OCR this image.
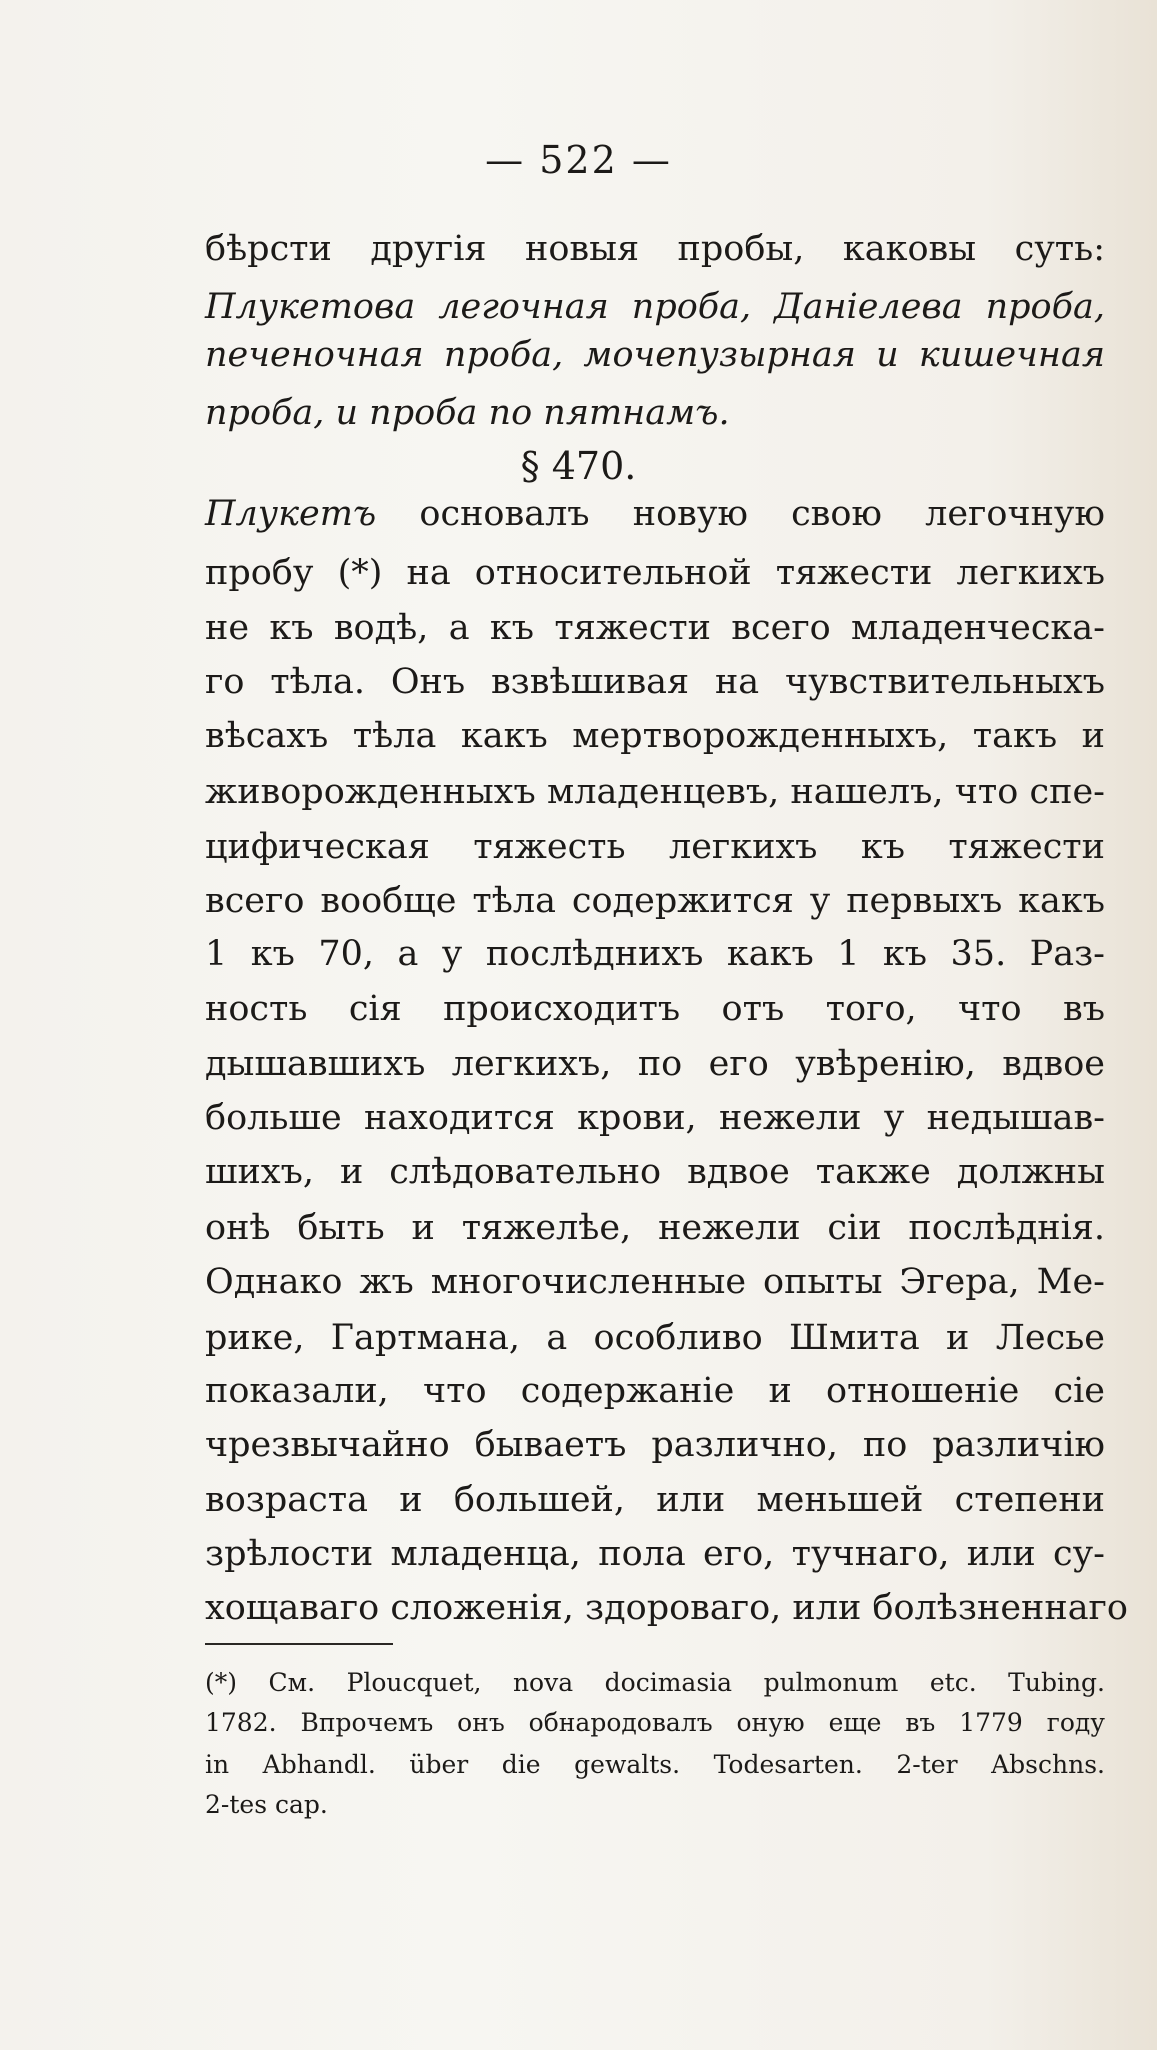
— 522 —
бѣрсти другія новыя пробы, каковы суть:
Плукетова легочная проба, Даніелева проба,
печеночная проба, мочепузырная и кишечная
проба, и проба по пятнамъ.
§ 470.
Плукетъ основалъ новую свою легочную
пробу (*) на относительной тяжести легкихъ
не къ водѣ, а къ тяжести всего младенческа-
го тѣла. Онъ взвѣшивая на чувствительныхъ
вѣсахъ тѣла какъ мертворожденныхъ, такъ и
живорожденныхъ младенцевъ, нашелъ, что спе-
цифическая тяжесть легкихъ къ тяжести
всего вообще тѣла содержится у первыхъ какъ
1 къ 70, а у послѣднихъ какъ 1 къ 35. Раз-
ность сія происходитъ отъ того, что въ
дышавшихъ легкихъ, по его увѣренію, вдвое
больше находится крови, нежели у недышав-
шихъ, и слѣдовательно вдвое также должны
онѣ быть и тяжелѣе, нежели сіи послѣднія.
Однако жъ многочисленные опыты Эгера, Ме-
рике, Гартмана, а особливо Шмита и Лесье
показали, что содержаніе и отношеніе сіе
чрезвычайно бываетъ различно, по различію
возраста и большей, или меньшей степени
зрѣлости младенца, пола его, тучнаго, или су-
хощаваго сложенія, здороваго, или болѣзненнаго
(*) См. Ploucquet, nova docimasia pulmonum etc. Tubing.
1782. Впрочемъ онъ обнародовалъ оную еще въ 1779 году
in Abhandl. über die gewalts. Todesarten. 2-ter Abschns.
2-tes cap.
